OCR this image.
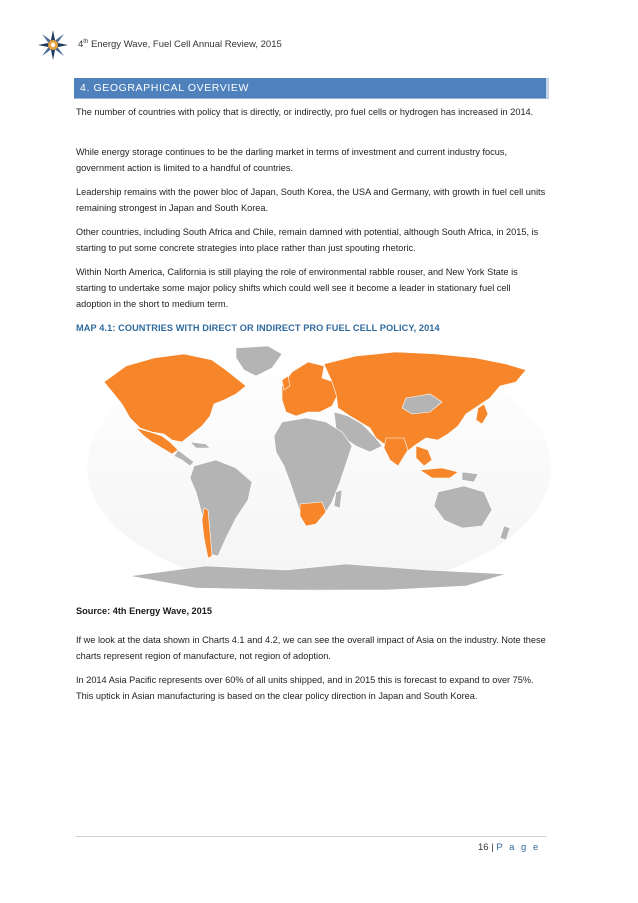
4th Energy Wave, Fuel Cell Annual Review, 2015
4. GEOGRAPHICAL OVERVIEW

The number of countries with policy that is directly, or indirectly, pro fuel cells or hydrogen has increased in 2014.

While energy storage continues to be the darling market in terms of investment and current industry focus, government action is limited to a handful of countries.

Leadership remains with the power bloc of Japan, South Korea, the USA and Germany, with growth in fuel cell units remaining strongest in Japan and South Korea.

Other countries, including South Africa and Chile, remain damned with potential, although South Africa, in 2015, is starting to put some concrete strategies into place rather than just spouting rhetoric.

Within North America, California is still playing the role of environmental rabble rouser, and New York State is starting to undertake some major policy shifts which could well see it become a leader in stationary fuel cell adoption in the short to medium term.

MAP 4.1: COUNTRIES WITH DIRECT OR INDIRECT PRO FUEL CELL POLICY, 2014
Source: 4th Energy Wave, 2015

If we look at the data shown in Charts 4.1 and 4.2, we can see the overall impact of Asia on the industry. Note these charts represent region of manufacture, not region of adoption.

In 2014 Asia Pacific represents over 60% of all units shipped, and in 2015 this is forecast to expand to over 75%. This uptick in Asian manufacturing is based on the clear policy direction in Japan and South Korea.

16 | P a g e
